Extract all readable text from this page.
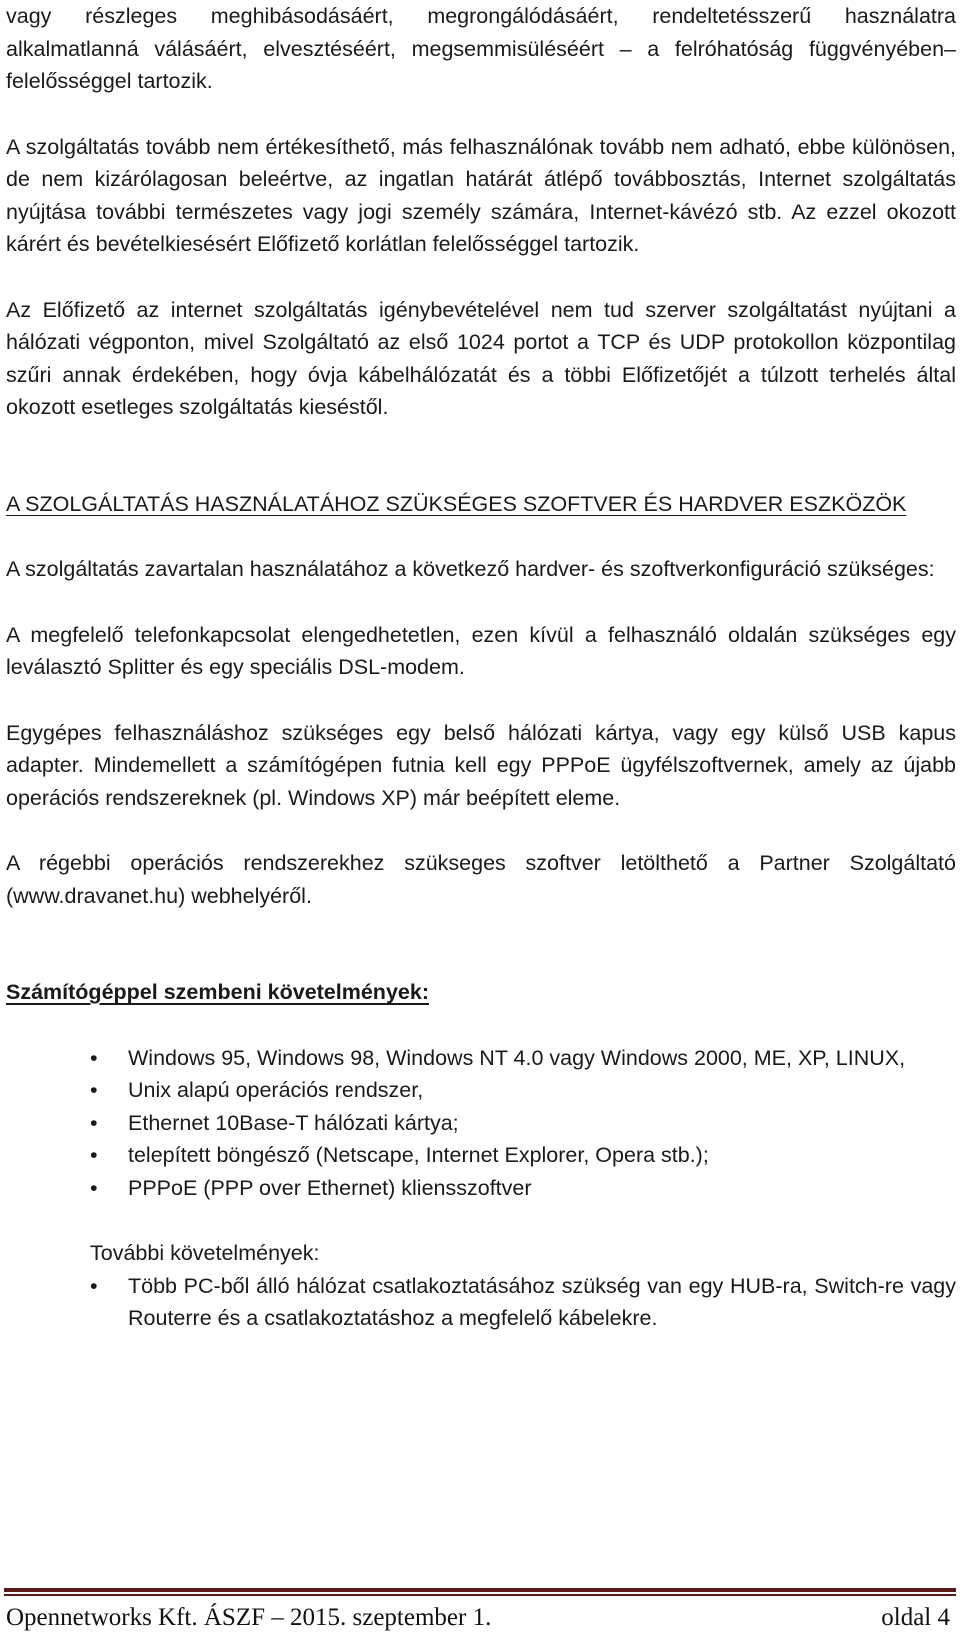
vagy részleges meghibásodásáért, megrongálódásáért, rendeltetésszerű használatra alkalmatlanná válásáért, elvesztéséért, megsemmisüléséért – a felróhatóság függvényében– felelősséggel tartozik.

A szolgáltatás tovább nem értékesíthető, más felhasználónak tovább nem adható, ebbe különösen, de nem kizárólagosan beleértve, az ingatlan határát átlépő továbbosztás, Internet szolgáltatás nyújtása további természetes vagy jogi személy számára, Internet-kávézó stb. Az ezzel okozott kárért és bevételkiesésért Előfizető korlátlan felelősséggel tartozik.

Az Előfizető az internet szolgáltatás igénybevételével nem tud szerver szolgáltatást nyújtani a hálózati végponton, mivel Szolgáltató az első 1024 portot a TCP és UDP protokollon központilag szűri annak érdekében, hogy óvja kábelhálózatát és a többi Előfizetőjét a túlzott terhelés által okozott esetleges szolgáltatás kieséstől.

A SZOLGÁLTATÁS HASZNÁLATÁHOZ SZÜKSÉGES SZOFTVER ÉS HARDVER ESZKÖZÖK

A szolgáltatás zavartalan használatához a következő hardver- és szoftverkonfiguráció szükséges:

A megfelelő telefonkapcsolat elengedhetetlen, ezen kívül a felhasználó oldalán szükséges egy leválasztó Splitter és egy speciális DSL-modem.

Egygépes felhasználáshoz szükséges egy belső hálózati kártya, vagy egy külső USB kapus adapter. Mindemellett a számítógépen futnia kell egy PPPoE ügyfélszoftvernek, amely az újabb operációs rendszereknek (pl. Windows XP) már beépített eleme.

A régebbi operációs rendszerekhez szükseges szoftver letölthető a Partner Szolgáltató (www.dravanet.hu) webhelyéről.

Számítógéppel szembeni követelmények:

• Windows 95, Windows 98, Windows NT 4.0 vagy Windows 2000, ME, XP, LINUX,
• Unix alapú operációs rendszer,
• Ethernet 10Base-T hálózati kártya;
• telepített böngésző (Netscape, Internet Explorer, Opera stb.);
• PPPoE (PPP over Ethernet) kliensszoftver

További követelmények:

• Több PC-ből álló hálózat csatlakoztatásához szükség van egy HUB-ra, Switch-re vagy Routerre és a csatlakoztatáshoz a megfelelő kábelekre.
Opennetworks Kft. ÁSZF – 2015. szeptember 1.	oldal 4
